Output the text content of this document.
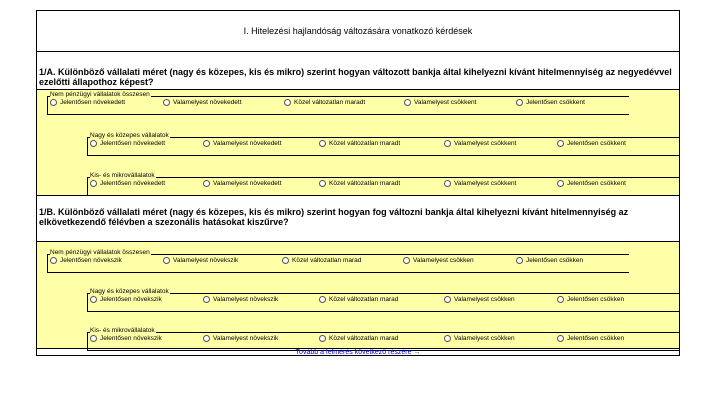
I. Hitelezési hajlandóság változására vonatkozó kérdések
1/A. Különböző vállalati méret (nagy és közepes, kis és mikro) szerint hogyan változott bankja által kihelyezni kívánt hitelmennyiség az negyedévvel ezelőtti állapothoz képest?
Nem pénzügyi vállalatok összesen
Jelentősen növekedett	Valamelyest növekedett	Közel változatlan maradt	Valamelyest csökkent	Jelentősen csökkent
Nagy és közepes vállalatok
Jelentősen növekedett	Valamelyest növekedett	Közel változatlan maradt	Valamelyest csökkent	Jelentősen csökkent
Kis- és mikrovállalatok
Jelentősen növekedett	Valamelyest növekedett	Közel változatlan maradt	Valamelyest csökkent	Jelentősen csökkent
1/B. Különböző vállalati méret (nagy és közepes, kis és mikro) szerint hogyan fog változni bankja által kihelyezni kívánt hitelmennyiség az elkövetkezendő félévben a szezonális hatásokat kiszűrve?
Nem pénzügyi vállalatok összesen
Jelentősen növekszik	Valamelyest növekszik	Közel változatlan marad	Valamelyest csökken	Jelentősen csökken
Nagy és közepes vállalatok
Jelentősen növekszik	Valamelyest növekszik	Közel változatlan marad	Valamelyest csökken	Jelentősen csökken
Kis- és mikrovállalatok
Jelentősen növekszik	Valamelyest növekszik	Közel változatlan marad	Valamelyest csökken	Jelentősen csökken
Tovább a felmérés következő részére →
